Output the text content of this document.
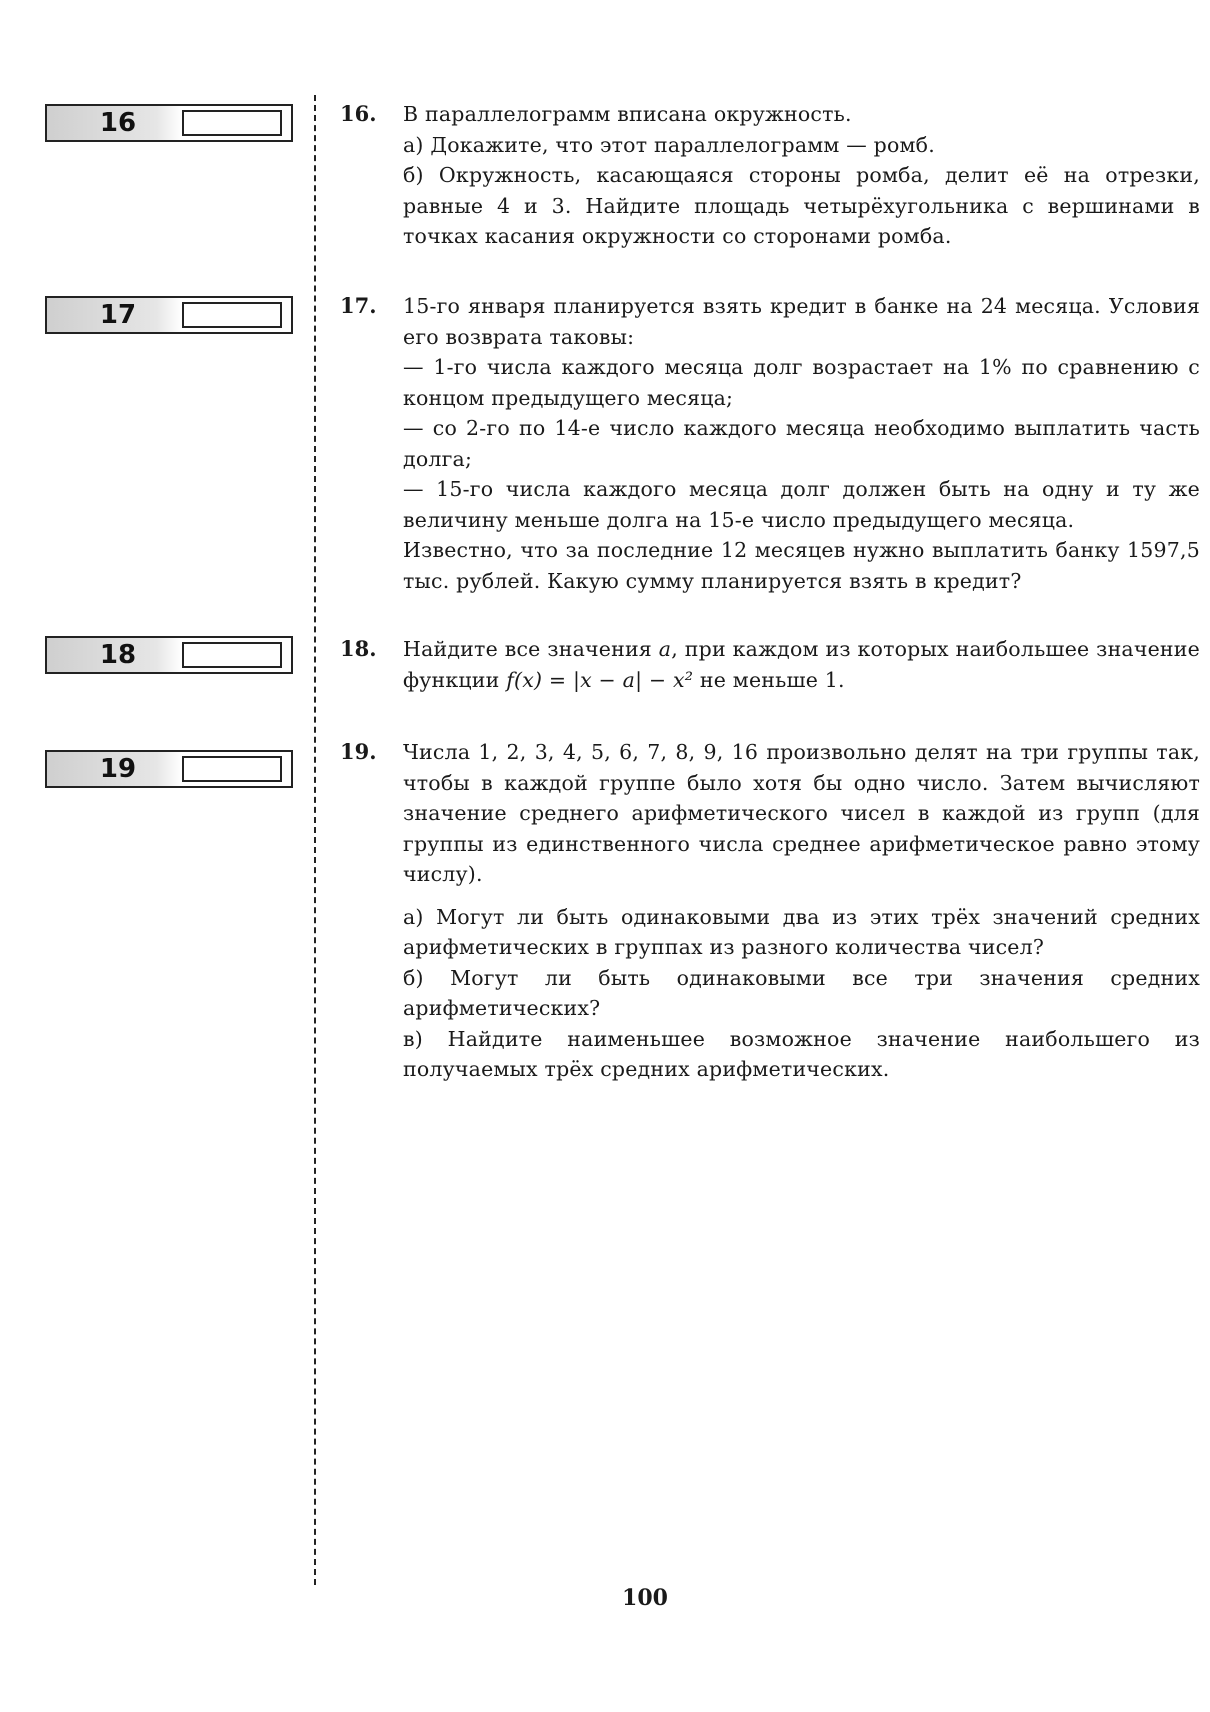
16
17
18
19
16. В параллелограмм вписана окружность.

а) Докажите, что этот параллелограмм — ромб.

б) Окружность, касающаяся стороны ромба, делит её на отрезки, равные 4 и 3. Найдите площадь четырёхугольника с вершинами в точках касания окружности со сторонами ромба.

17. 15-го января планируется взять кредит в банке на 24 месяца. Условия его возврата таковы:

— 1-го числа каждого месяца долг возрастает на 1% по сравнению с концом предыдущего месяца;

— со 2-го по 14-е число каждого месяца необходимо выплатить часть долга;

— 15-го числа каждого месяца долг должен быть на одну и ту же величину меньше долга на 15-е число предыдущего месяца.

Известно, что за последние 12 месяцев нужно выплатить банку 1597,5 тыс. рублей. Какую сумму планируется взять в кредит?

18. Найдите все значения a, при каждом из которых наибольшее значение функции f(x) = |x − a| − x² не меньше 1.

19. Числа 1, 2, 3, 4, 5, 6, 7, 8, 9, 16 произвольно делят на три группы так, чтобы в каждой группе было хотя бы одно число. Затем вычисляют значение среднего арифметического чисел в каждой из групп (для группы из единственного числа среднее арифметическое равно этому числу).

а) Могут ли быть одинаковыми два из этих трёх значений средних арифметических в группах из разного количества чисел?

б) Могут ли быть одинаковыми все три значения средних арифметических?

в) Найдите наименьшее возможное значение наибольшего из получаемых трёх средних арифметических.

100
